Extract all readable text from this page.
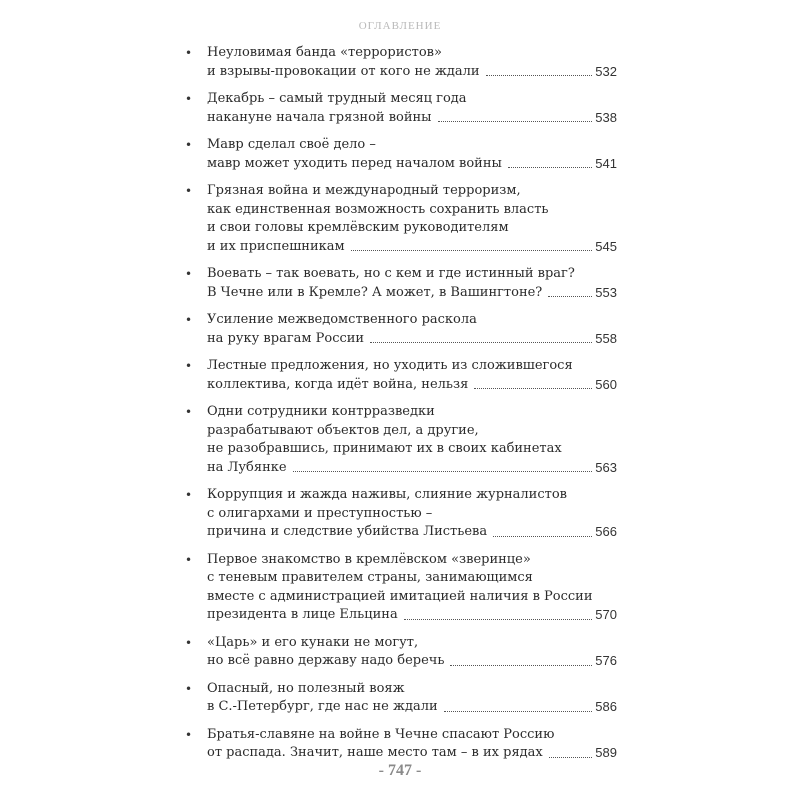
ОГЛАВЛЕНИЕ
• Неуловимая банда «террористов»
и взрывы-провокации от кого не ждали	532
• Декабрь – самый трудный месяц года
накануне начала грязной войны	538
• Мавр сделал своё дело –
мавр может уходить перед началом войны	541
• Грязная война и международный терроризм,
как единственная возможность сохранить власть
и свои головы кремлёвским руководителям
и их приспешникам	545
• Воевать – так воевать, но с кем и где истинный враг?
В Чечне или в Кремле? А может, в Вашингтоне?	553
• Усиление межведомственного раскола
на руку врагам России	558
• Лестные предложения, но уходить из сложившегося
коллектива, когда идёт война, нельзя	560
• Одни сотрудники контрразведки
разрабатывают объектов дел, а другие,
не разобравшись, принимают их в своих кабинетах
на Лубянке	563
• Коррупция и жажда наживы, слияние журналистов
с олигархами и преступностью –
причина и следствие убийства Листьева	566
• Первое знакомство в кремлёвском «зверинце»
с теневым правителем страны, занимающимся
вместе с администрацией имитацией наличия в России
президента в лице Ельцина	570
• «Царь» и его кунаки не могут,
но всё равно державу надо беречь	576
• Опасный, но полезный вояж
в С.-Петербург, где нас не ждали	586
• Братья-славяне на войне в Чечне спасают Россию
от распада. Значит, наше место там – в их рядах	589
- 747 -
